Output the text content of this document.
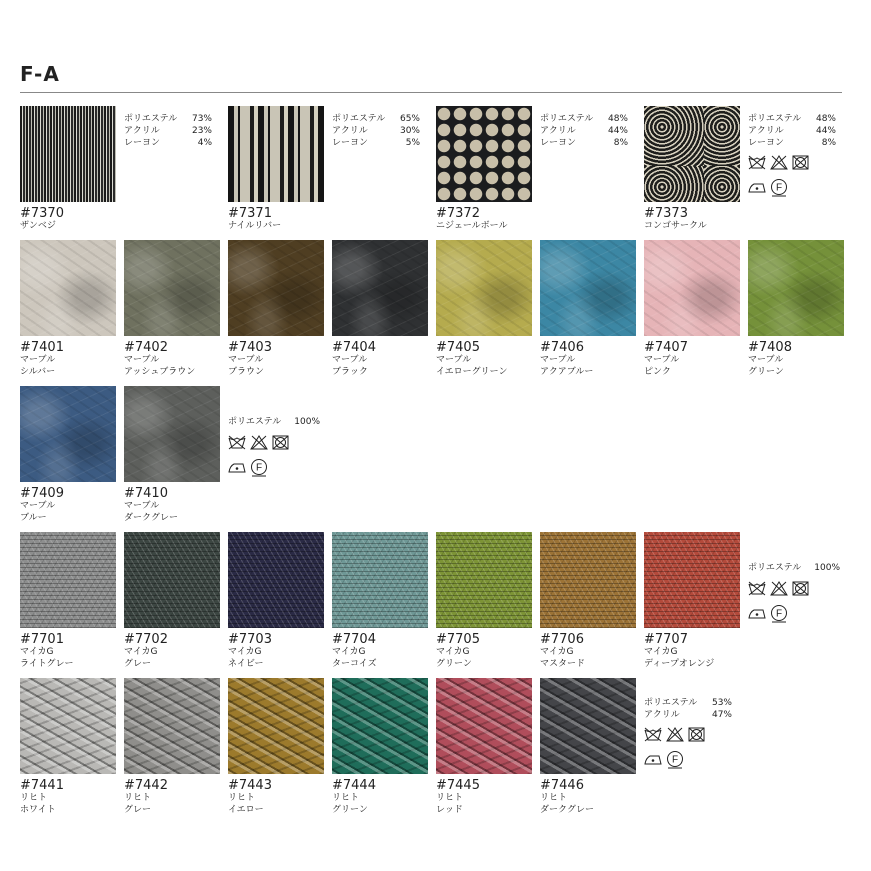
F-A
#7370
ザンベジ
ポリエステル 73%
アクリル	23%
レーヨン	4%
#7371
ナイルリバー
ポリエステル 65%
アクリル	30%
レーヨン	5%
#7372
ニジェールボール
ポリエステル 48%
アクリル	44%
レーヨン	8%
#7373
コンゴサークル
ポリエステル 48%
アクリル	44%
レーヨン	8%
F
#7401
マーブル
シルバー
#7402
マーブル
アッシュブラウン
#7403
マーブル
ブラウン
#7404
マーブル
ブラック
#7405
マーブル
イエローグリーン
#7406
マーブル
アクアブルー
#7407
マーブル
ピンク
#7408
マーブル
グリーン
#7409
マーブル
ブルー
#7410
マーブル
ダークグレー
ポリエステル 100%
F
#7701
マイカG
ライトグレー
#7702
マイカG
グレー
#7703
マイカG
ネイビー
#7704
マイカG
ターコイズ
#7705
マイカG
グリーン
#7706
マイカG
マスタード
#7707
マイカG
ディープオレンジ
ポリエステル 100%
F
#7441
リヒト
ホワイト
#7442
リヒト
グレー
#7443
リヒト
イエロー
#7444
リヒト
グリーン
#7445
リヒト
レッド
#7446
リヒト
ダークグレー
ポリエステル 53%
アクリル	47%
F
